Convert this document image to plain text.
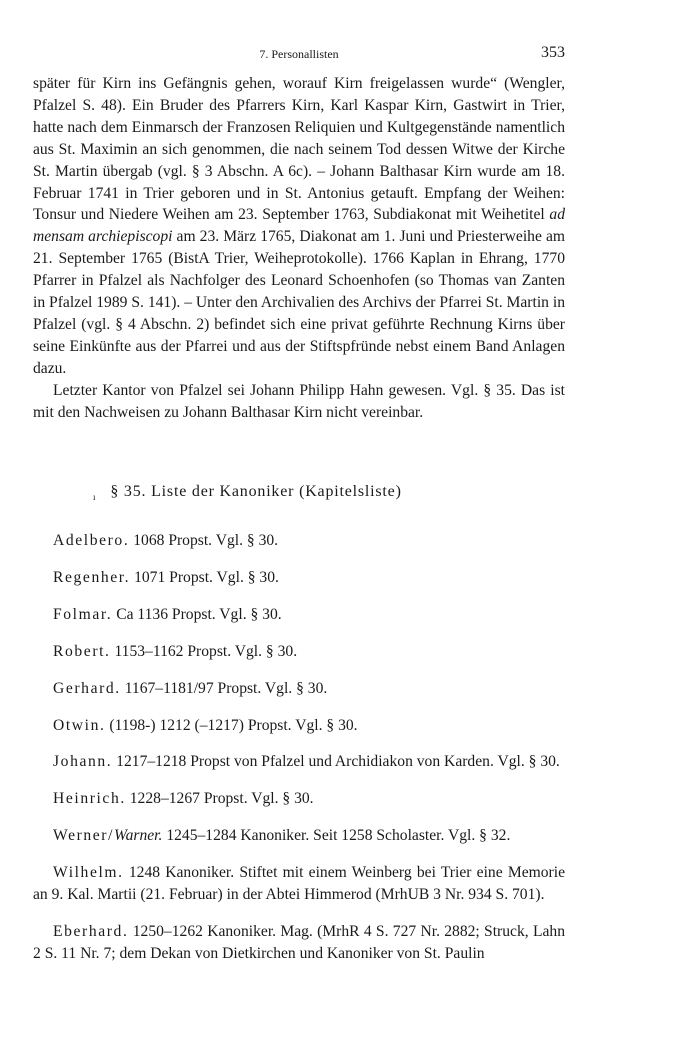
7. Personallisten	353

später für Kirn ins Gefängnis gehen, worauf Kirn freigelassen wurde“ (Wengler, Pfalzel S. 48). Ein Bruder des Pfarrers Kirn, Karl Kaspar Kirn, Gastwirt in Trier, hatte nach dem Einmarsch der Franzosen Reliquien und Kultgegenstände namentlich aus St. Maximin an sich genommen, die nach seinem Tod dessen Witwe der Kirche St. Martin übergab (vgl. § 3 Abschn. A 6c). – Johann Balthasar Kirn wurde am 18. Februar 1741 in Trier geboren und in St. Antonius getauft. Empfang der Weihen: Tonsur und Niedere Weihen am 23. September 1763, Subdiakonat mit Weihetitel ad mensam archiepiscopi am 23. März 1765, Diakonat am 1. Juni und Priesterweihe am 21. September 1765 (BistA Trier, Weiheprotokolle). 1766 Kaplan in Ehrang, 1770 Pfarrer in Pfalzel als Nachfolger des Leonard Schoenhofen (so Thomas van Zanten in Pfalzel 1989 S. 141). – Unter den Archivalien des Archivs der Pfarrei St. Martin in Pfalzel (vgl. § 4 Abschn. 2) befindet sich eine privat geführte Rechnung Kirns über seine Einkünfte aus der Pfarrei und aus der Stiftspfründe nebst einem Band Anlagen dazu.

Letzter Kantor von Pfalzel sei Johann Philipp Hahn gewesen. Vgl. § 35. Das ist mit den Nachweisen zu Johann Balthasar Kirn nicht vereinbar.

$_ı$ § 35. Liste der Kanoniker (Kapitelsliste)

Adelbero. 1068 Propst. Vgl. § 30.

Regenher. 1071 Propst. Vgl. § 30.

Folmar. Ca 1136 Propst. Vgl. § 30.

Robert. 1153–1162 Propst. Vgl. § 30.

Gerhard. 1167–1181/97 Propst. Vgl. § 30.

Otwin. (1198-) 1212 (–1217) Propst. Vgl. § 30.

Johann. 1217–1218 Propst von Pfalzel und Archidiakon von Karden. Vgl. § 30.

Heinrich. 1228–1267 Propst. Vgl. § 30.

Werner/Warner. 1245–1284 Kanoniker. Seit 1258 Scholaster. Vgl. § 32.

Wilhelm. 1248 Kanoniker. Stiftet mit einem Weinberg bei Trier eine Memorie an 9. Kal. Martii (21. Februar) in der Abtei Himmerod (MrhUB 3 Nr. 934 S. 701).

Eberhard. 1250–1262 Kanoniker. Mag. (MrhR 4 S. 727 Nr. 2882; Struck, Lahn 2 S. 11 Nr. 7; dem Dekan von Dietkirchen und Kanoniker von St. Paulin
